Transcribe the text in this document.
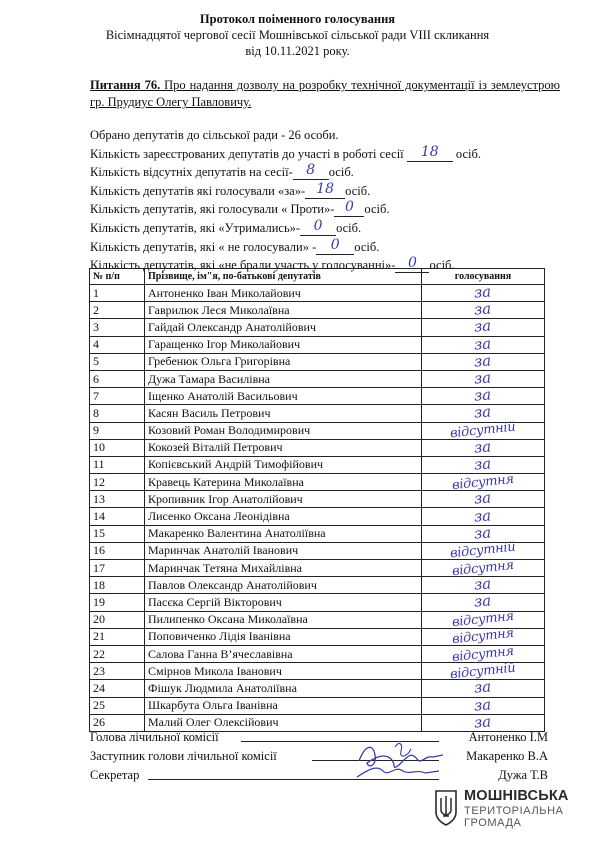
Протокол поіменного голосування
Вісімнадцятої чергової сесії Мошнівської сільської ради VIII скликання
від 10.11.2021 року.
Питання 76. Про надання дозволу на розробку технічної документації із землеустрою гр. Прудиус Олегу Павловичу.
Обрано депутатів до сільської ради - 26 особи.
Кількість зареєстрованих депутатів до участі в роботі сесії 18 осіб.
Кількість відсутніх депутатів на сесії- 8 осіб.
Кількість депутатів які голосували «за»- 18 осіб.
Кількість депутатів, які голосували « Проти»- 0 осіб.
Кількість депутатів, які «Утримались»- 0 осіб.
Кількість депутатів, які « не голосували» - 0 осіб.
Кількість депутатів, які «не брали участь у голосуванні»- 0 осіб.
№ п/п	Прізвище, ім"я, по-батькові депутатів	голосування
1	Антоненко Іван Миколайович	за
2	Гаврилюк Леся Миколаївна	за
3	Гайдай Олександр Анатолійович	за
4	Гаращенко Ігор Миколайович	за
5	Гребенюк Ольга Григорівна	за
6	Дужа Тамара Василівна	за
7	Іщенко Анатолій Васильович	за
8	Касян Василь Петрович	за
9	Козовий Роман Володимирович	відсутній
10	Кокозей Віталій Петрович	за
11	Копієвський Андрій Тимофійович	за
12	Кравець Катерина Миколаївна	відсутня
13	Кропивник Ігор Анатолійович	за
14	Лисенко Оксана Леонідівна	за
15	Макаренко Валентина Анатоліївна	за
16	Маринчак Анатолій Іванович	відсутній
17	Маринчак Тетяна Михайлівна	відсутня
18	Павлов Олександр Анатолійович	за
19	Пасєка Сергій Вікторович	за
20	Пилипенко Оксана Миколаївна	відсутня
21	Поповиченко Лідія Іванівна	відсутня
22	Салова Ганна В’ячеславівна	відсутня
23	Смірнов Микола Іванович	відсутній
24	Фішук Людмила Анатоліївна	за
25	Шкарбута Ольга Іванівна	за
26	Малий Олег Олексійович	за
Голова лічильної комісії	Антоненко І.М
Заступник голови лічильної комісії	Макаренко В.А
Секретар	Дужа Т.В
МОШНІВСЬКА
ТЕРИТОРІАЛЬНА
ГРОМАДА
